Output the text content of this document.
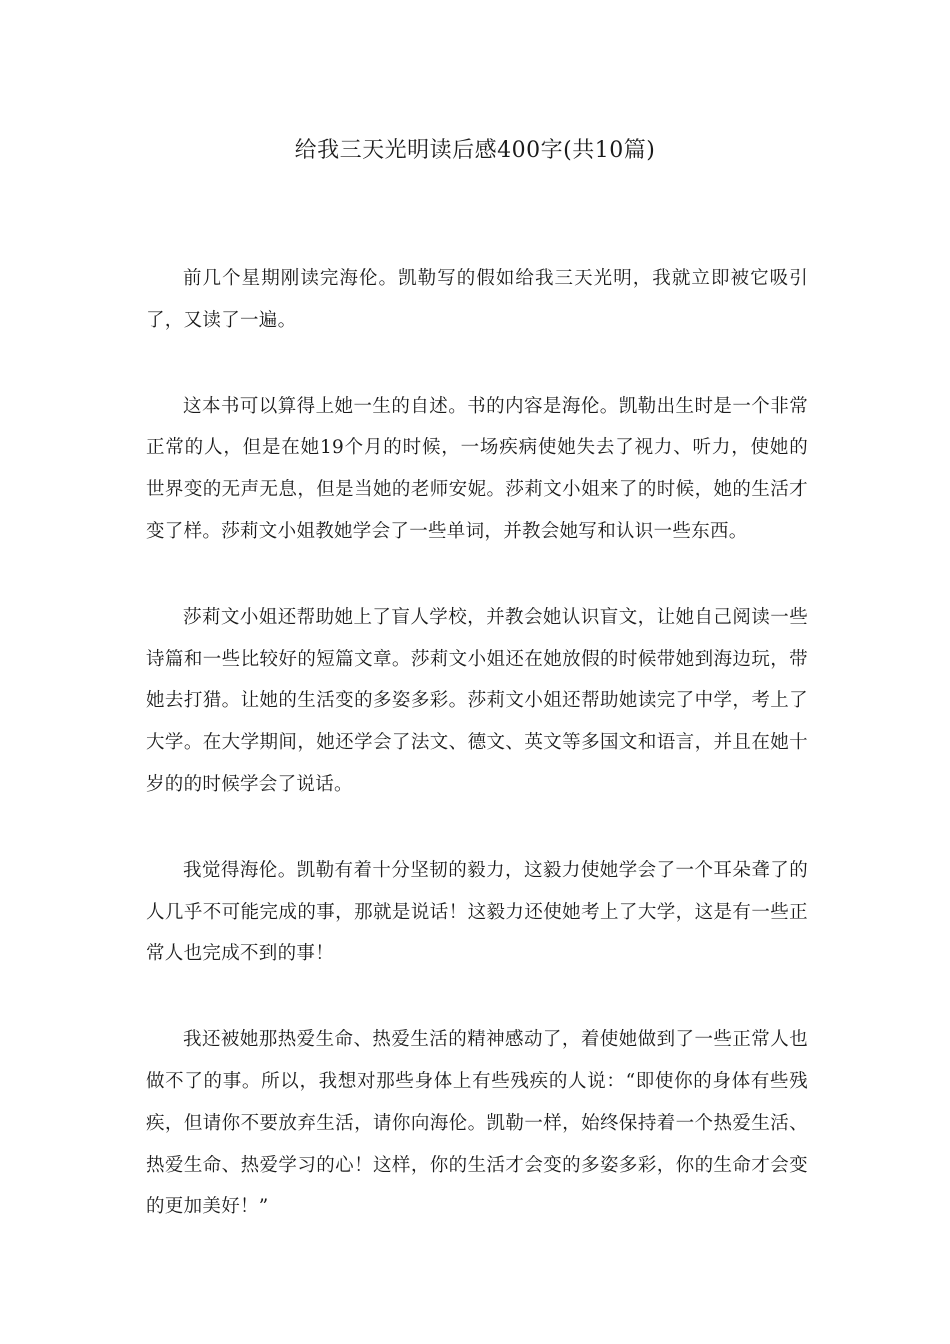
给我三天光明读后感400字(共10篇)

前几个星期刚读完海伦。凯勒写的假如给我三天光明，我就立即被它吸引了，又读了一遍。

这本书可以算得上她一生的自述。书的内容是海伦。凯勒出生时是一个非常正常的人，但是在她19个月的时候，一场疾病使她失去了视力、听力，使她的世界变的无声无息，但是当她的老师安妮。莎莉文小姐来了的时候，她的生活才变了样。莎莉文小姐教她学会了一些单词，并教会她写和认识一些东西。

莎莉文小姐还帮助她上了盲人学校，并教会她认识盲文，让她自己阅读一些诗篇和一些比较好的短篇文章。莎莉文小姐还在她放假的时候带她到海边玩，带她去打猎。让她的生活变的多姿多彩。莎莉文小姐还帮助她读完了中学，考上了大学。在大学期间，她还学会了法文、德文、英文等多国文和语言，并且在她十岁的的时候学会了说话。

我觉得海伦。凯勒有着十分坚韧的毅力，这毅力使她学会了一个耳朵聋了的人几乎不可能完成的事，那就是说话！这毅力还使她考上了大学，这是有一些正常人也完成不到的事！

我还被她那热爱生命、热爱生活的精神感动了，着使她做到了一些正常人也做不了的事。所以，我想对那些身体上有些残疾的人说：“即使你的身体有些残疾，但请你不要放弃生活，请你向海伦。凯勒一样，始终保持着一个热爱生活、热爱生命、热爱学习的心！这样，你的生活才会变的多姿多彩，你的生命才会变的更加美好！”
